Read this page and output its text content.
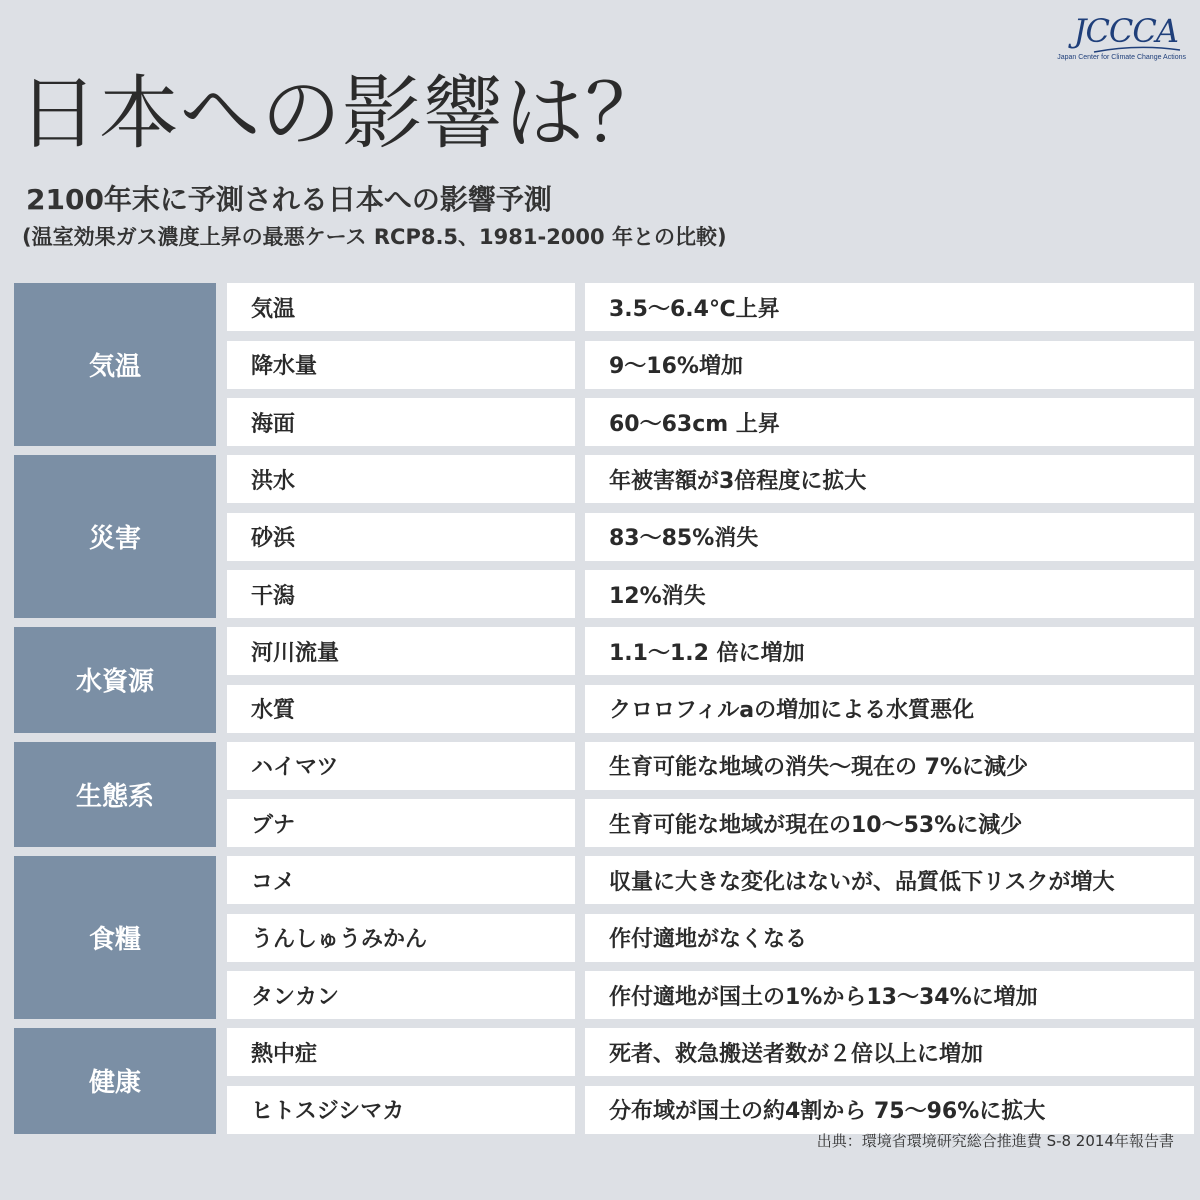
JCCCA
Japan Center for Climate Change Actions
日本への影響は？
2100年末に予測される日本への影響予測
(温室効果ガス濃度上昇の最悪ケース RCP8.5、1981-2000 年との比較)
気温
気温	3.5〜6.4℃上昇
降水量	9〜16%増加
海面	60〜63cm 上昇
災害
洪水	年被害額が3倍程度に拡大
砂浜	83〜85%消失
干潟	12%消失
水資源
河川流量	1.1〜1.2 倍に増加
水質	クロロフィルaの増加による水質悪化
生態系
ハイマツ	生育可能な地域の消失〜現在の 7%に減少
ブナ	生育可能な地域が現在の10〜53%に減少
食糧
コメ	収量に大きな変化はないが、品質低下リスクが増大
うんしゅうみかん	作付適地がなくなる
タンカン	作付適地が国土の1%から13〜34%に増加
健康
熱中症	死者、救急搬送者数が２倍以上に増加
ヒトスジシマカ	分布域が国土の約4割から 75〜96%に拡大
出典：環境省環境研究総合推進費 S-8 2014年報告書
